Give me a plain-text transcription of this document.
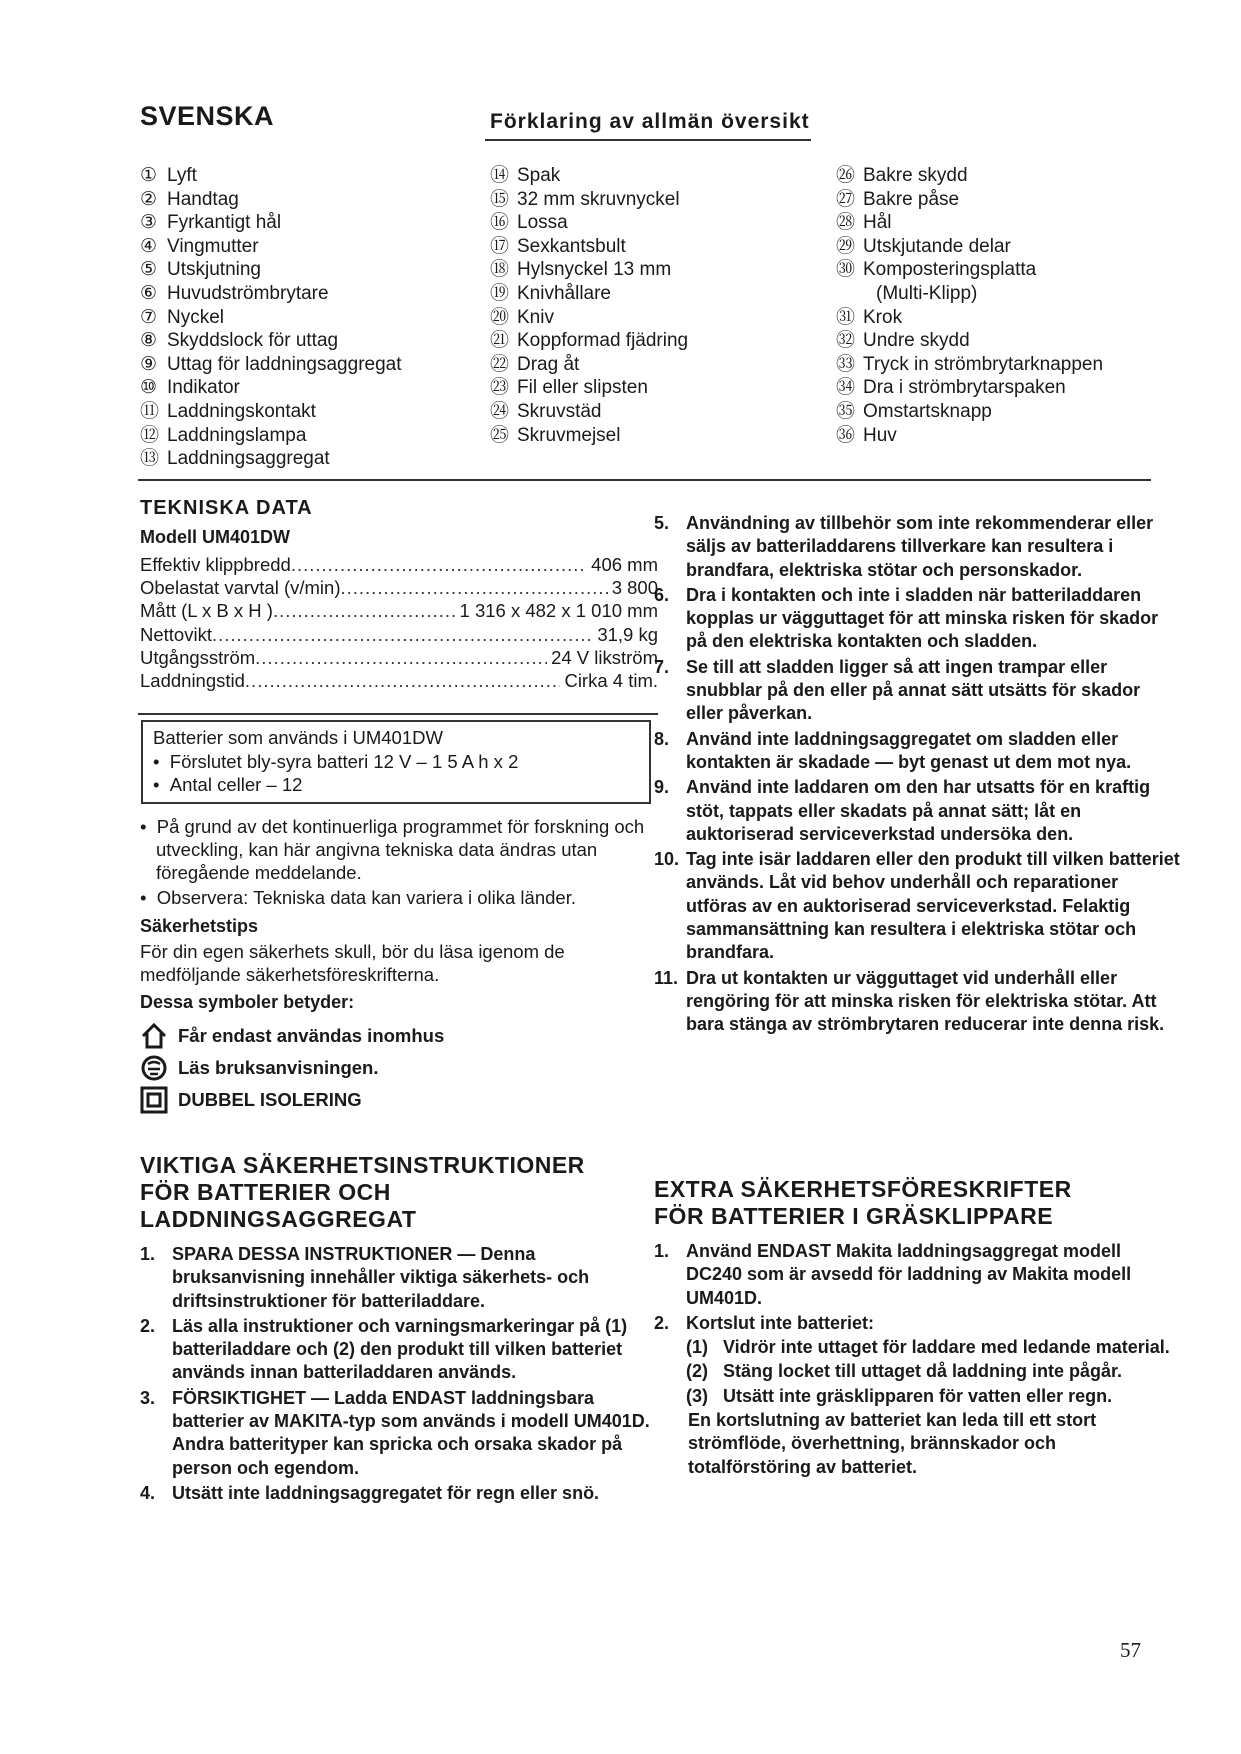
SVENSKA	Förklaring av allmän översikt
① Lyft
② Handtag
③ Fyrkantigt hål
④ Vingmutter
⑤ Utskjutning
⑥ Huvudströmbrytare
⑦ Nyckel
⑧ Skyddslock för uttag
⑨ Uttag för laddningsaggregat
⑩ Indikator
⑪ Laddningskontakt
⑫ Laddningslampa
⑬ Laddningsaggregat
⑭ Spak
⑮ 32 mm skruvnyckel
⑯ Lossa
⑰ Sexkantsbult
⑱ Hylsnyckel 13 mm
⑲ Knivhållare
⑳ Kniv
㉑ Koppformad fjädring
㉒ Drag åt
㉓ Fil eller slipsten
㉔ Skruvstäd
㉕ Skruvmejsel
㉖ Bakre skydd
㉗ Bakre påse
㉘ Hål
㉙ Utskjutande delar
㉚ Komposteringsplatta
(Multi-Klipp)
㉛ Krok
㉜ Undre skydd
㉝ Tryck in strömbrytarknappen
㉞ Dra i strömbrytarspaken
㉟ Omstartsknapp
㊱ Huv
TEKNISKA DATA
Modell UM401DW
Effektiv klippbredd .....	406 mm
Obelastat varvtal (v/min) .....	3 800
Mått (L x B x H ) .....	1 316 x 482 x 1 010 mm
Nettovikt .....	31,9 kg
Utgångsström .....	24 V likström
Laddningstid .....	Cirka 4 tim.
Batterier som används i UM401DW
•  Förslutet bly-syra batteri 12 V – 1 5 A h x 2
•  Antal celler – 12
•  På grund av det kontinuerliga programmet för forskning och utveckling, kan här angivna tekniska data ändras utan föregående meddelande.
•  Observera: Tekniska data kan variera i olika länder.
Säkerhetstips
För din egen säkerhets skull, bör du läsa igenom de medföljande säkerhetsföreskrifterna.
Dessa symboler betyder:
Får endast användas inomhus
Läs bruksanvisningen.
DUBBEL ISOLERING
VIKTIGA SÄKERHETSINSTRUKTIONER
FÖR BATTERIER OCH
LADDNINGSAGGREGAT
1. SPARA DESSA INSTRUKTIONER — Denna bruksanvisning innehåller viktiga säkerhets- och driftsinstruktioner för batteriladdare.
2. Läs alla instruktioner och varningsmarkeringar på (1) batteriladdare och (2) den produkt till vilken batteriet används innan batteriladdaren används.
3. FÖRSIKTIGHET — Ladda ENDAST laddningsbara batterier av MAKITA-typ som används i modell UM401D. Andra batterityper kan spricka och orsaka skador på person och egendom.
4. Utsätt inte laddningsaggregatet för regn eller snö.
5. Användning av tillbehör som inte rekommenderar eller säljs av batteriladdarens tillverkare kan resultera i brandfara, elektriska stötar och personskador.
6. Dra i kontakten och inte i sladden när batteriladdaren kopplas ur vägguttaget för att minska risken för skador på den elektriska kontakten och sladden.
7. Se till att sladden ligger så att ingen trampar eller snubblar på den eller på annat sätt utsätts för skador eller påverkan.
8. Använd inte laddningsaggregatet om sladden eller kontakten är skadade — byt genast ut dem mot nya.
9. Använd inte laddaren om den har utsatts för en kraftig stöt, tappats eller skadats på annat sätt; låt en auktoriserad serviceverkstad undersöka den.
10. Tag inte isär laddaren eller den produkt till vilken batteriet används. Låt vid behov underhåll och reparationer utföras av en auktoriserad serviceverkstad. Felaktig sammansättning kan resultera i elektriska stötar och brandfara.
11. Dra ut kontakten ur vägguttaget vid underhåll eller rengöring för att minska risken för elektriska stötar. Att bara stänga av strömbrytaren reducerar inte denna risk.
EXTRA SÄKERHETSFÖRESKRIFTER
FÖR BATTERIER I GRÄSKLIPPARE
1. Använd ENDAST Makita laddningsaggregat modell DC240 som är avsedd för laddning av Makita modell UM401D.
2. Kortslut inte batteriet:
(1) Vidrör inte uttaget för laddare med ledande material.
(2) Stäng locket till uttaget då laddning inte pågår.
(3) Utsätt inte gräsklipparen för vatten eller regn.
En kortslutning av batteriet kan leda till ett stort strömflöde, överhettning, brännskador och totalförstöring av batteriet.
57
